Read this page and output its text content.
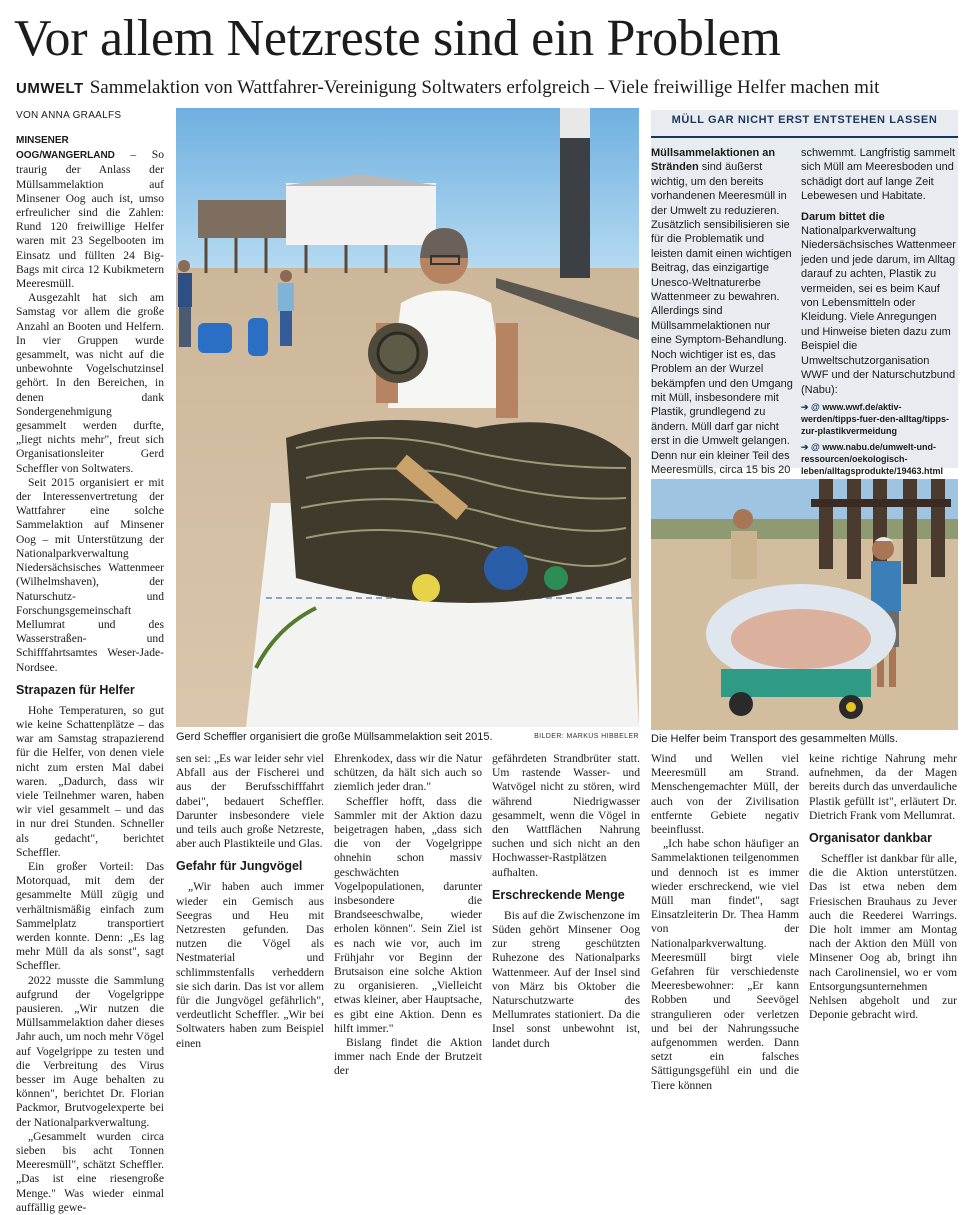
Vor allem Netzreste sind ein Problem
UMWELT Sammelaktion von Wattfahrer-Vereinigung Soltwaters erfolgreich – Viele freiwillige Helfer machen mit
VON ANNA GRAALFS

MINSENER OOG/WANGERLAND – So traurig der Anlass der Müllsammelaktion auf Minsener Oog auch ist, umso erfreulicher sind die Zahlen: Rund 120 freiwillige Helfer waren mit 23 Segelbooten im Einsatz und füllten 24 Big-Bags mit circa 12 Kubikmetern Meeresmüll.

Ausgezahlt hat sich am Samstag vor allem die große Anzahl an Booten und Helfern. In vier Gruppen wurde gesammelt, was nicht auf die unbewohnte Vogelschutzinsel gehört. In den Bereichen, in denen dank Sondergenehmigung gesammelt werden durfte, „liegt nichts mehr", freut sich Organisationsleiter Gerd Scheffler von Soltwaters.

Seit 2015 organisiert er mit der Interessenvertretung der Wattfahrer eine solche Sammelaktion auf Minsener Oog – mit Unterstützung der Nationalparkverwaltung Niedersächsisches Wattenmeer (Wilhelmshaven), der Naturschutz- und Forschungsgemeinschaft Mellumrat und des Wasserstraßen- und Schifffahrtsamtes Weser-Jade-Nordsee.

Strapazen für Helfer

Hohe Temperaturen, so gut wie keine Schattenplätze – das war am Samstag strapazierend für die Helfer, von denen viele nicht zum ersten Mal dabei waren. „Dadurch, dass wir viele Teilnehmer waren, haben wir viel gesammelt – und das in nur drei Stunden. Schneller als gedacht", berichtet Scheffler.

Ein großer Vorteil: Das Motorquad, mit dem der gesammelte Müll zügig und verhältnismäßig einfach zum Sammelplatz transportiert werden konnte. Denn: „Es lag mehr Müll da als sonst", sagt Scheffler.

2022 musste die Sammlung aufgrund der Vogelgrippe pausieren. „Wir nutzen die Müllsammelaktion daher dieses Jahr auch, um noch mehr Vögel auf Vogelgrippe zu testen und die Verbreitung des Virus besser im Auge behalten zu können", berichtet Dr. Florian Packmor, Brutvogelexperte bei der Nationalparkverwaltung.

„Gesammelt wurden circa sieben bis acht Tonnen Meeresmüll", schätzt Scheffler. „Das ist eine riesengroße Menge." Was wieder einmal auffällig gewe-

Gerd Scheffler organisiert die große Müllsammelaktion seit 2015.	BILDER: MARKUS HIBBELER
MÜLL GAR NICHT ERST ENTSTEHEN LASSEN
Müllsammelaktionen an Stränden sind äußerst wichtig, um den bereits vorhandenen Meeresmüll in der Umwelt zu reduzieren. Zusätzlich sensibilisieren sie für die Problematik und leisten damit einen wichtigen Beitrag, das einzigartige Unesco-Weltnaturerbe Wattenmeer zu bewahren. Allerdings sind Müllsammelaktionen nur eine Symptom-Behandlung. Noch wichtiger ist es, das Problem an der Wurzel bekämpfen und den Umgang mit Müll, insbesondere mit Plastik, grundlegend zu ändern. Müll darf gar nicht erst in die Umwelt gelangen. Denn nur ein kleiner Teil des Meeresmülls, circa 15 bis 20
schwemmt. Langfristig sammelt sich Müll am Meeresboden und schädigt dort auf lange Zeit Lebewesen und Habitate.

Darum bittet die Nationalparkverwaltung Niedersächsisches Wattenmeer jeden und jede darum, im Alltag darauf zu achten, Plastik zu vermeiden, sei es beim Kauf von Lebensmitteln oder Kleidung. Viele Anregungen und Hinweise bieten dazu zum Beispiel die Umweltschutzorganisation WWF und der Naturschutzbund (Nabu):
➔ @ www.wwf.de/aktiv-werden/tipps-fuer-den-alltag/tipps-zur-plastikvermeidung
➔ @ www.nabu.de/umwelt-und-ressourcen/oekologisch-leben/alltagsprodukte/19463.html
Die Helfer beim Transport des gesammelten Mülls.

sen sei: „Es war leider sehr viel Abfall aus der Fischerei und aus der Berufsschifffahrt dabei", bedauert Scheffler. Darunter insbesondere viele und teils auch große Netzreste, aber auch Plastikteile und Glas.

Gefahr für Jungvögel

„Wir haben auch immer wieder ein Gemisch aus Seegras und Heu mit Netzresten gefunden. Das nutzen die Vögel als Nestmaterial und schlimmstenfalls verheddern sie sich darin. Das ist vor allem für die Jungvögel gefährlich", verdeutlicht Scheffler. „Wir bei Soltwaters haben zum Beispiel einen

Ehrenkodex, dass wir die Natur schützen, da hält sich auch so ziemlich jeder dran."

Scheffler hofft, dass die Sammler mit der Aktion dazu beigetragen haben, „dass sich die von der Vogelgrippe ohnehin schon massiv geschwächten Vogelpopulationen, darunter insbesondere die Brandseeschwalbe, wieder erholen können". Sein Ziel ist es nach wie vor, auch im Frühjahr vor Beginn der Brutsaison eine solche Aktion zu organisieren. „Vielleicht etwas kleiner, aber Hauptsache, es gibt eine Aktion. Denn es hilft immer."

Bislang findet die Aktion immer nach Ende der Brutzeit der

gefährdeten Strandbrüter statt. Um rastende Wasser- und Watvögel nicht zu stören, wird während Niedrigwasser gesammelt, wenn die Vögel in den Wattflächen Nahrung suchen und sich nicht an den Hochwasser-Rastplätzen aufhalten.

Erschreckende Menge

Bis auf die Zwischenzone im Süden gehört Minsener Oog zur streng geschützten Ruhezone des Nationalparks Wattenmeer. Auf der Insel sind von März bis Oktober die Naturschutzwarte des Mellumrates stationiert. Da die Insel sonst unbewohnt ist, landet durch

Wind und Wellen viel Meeresmüll am Strand. Menschengemachter Müll, der auch von der Zivilisation entfernte Gebiete negativ beeinflusst.

„Ich habe schon häufiger an Sammelaktionen teilgenommen und dennoch ist es immer wieder erschreckend, wie viel Müll man findet", sagt Einsatzleiterin Dr. Thea Hamm von der Nationalparkverwaltung. Meeresmüll birgt viele Gefahren für verschiedenste Meeresbewohner: „Er kann Robben und Seevögel strangulieren oder verletzen und bei der Nahrungssuche aufgenommen werden. Dann setzt ein falsches Sättigungsgefühl ein und die Tiere können

keine richtige Nahrung mehr aufnehmen, da der Magen bereits durch das unverdauliche Plastik gefüllt ist", erläutert Dr. Dietrich Frank vom Mellumrat.

Organisator dankbar

Scheffler ist dankbar für alle, die die Aktion unterstützen. Das ist etwa neben dem Friesischen Brauhaus zu Jever auch die Reederei Warrings. Die holt immer am Montag nach der Aktion den Müll von Minsener Oog ab, bringt ihn nach Carolinensiel, wo er vom Entsorgungsunternehmen Nehlsen abgeholt und zur Deponie gebracht wird.
